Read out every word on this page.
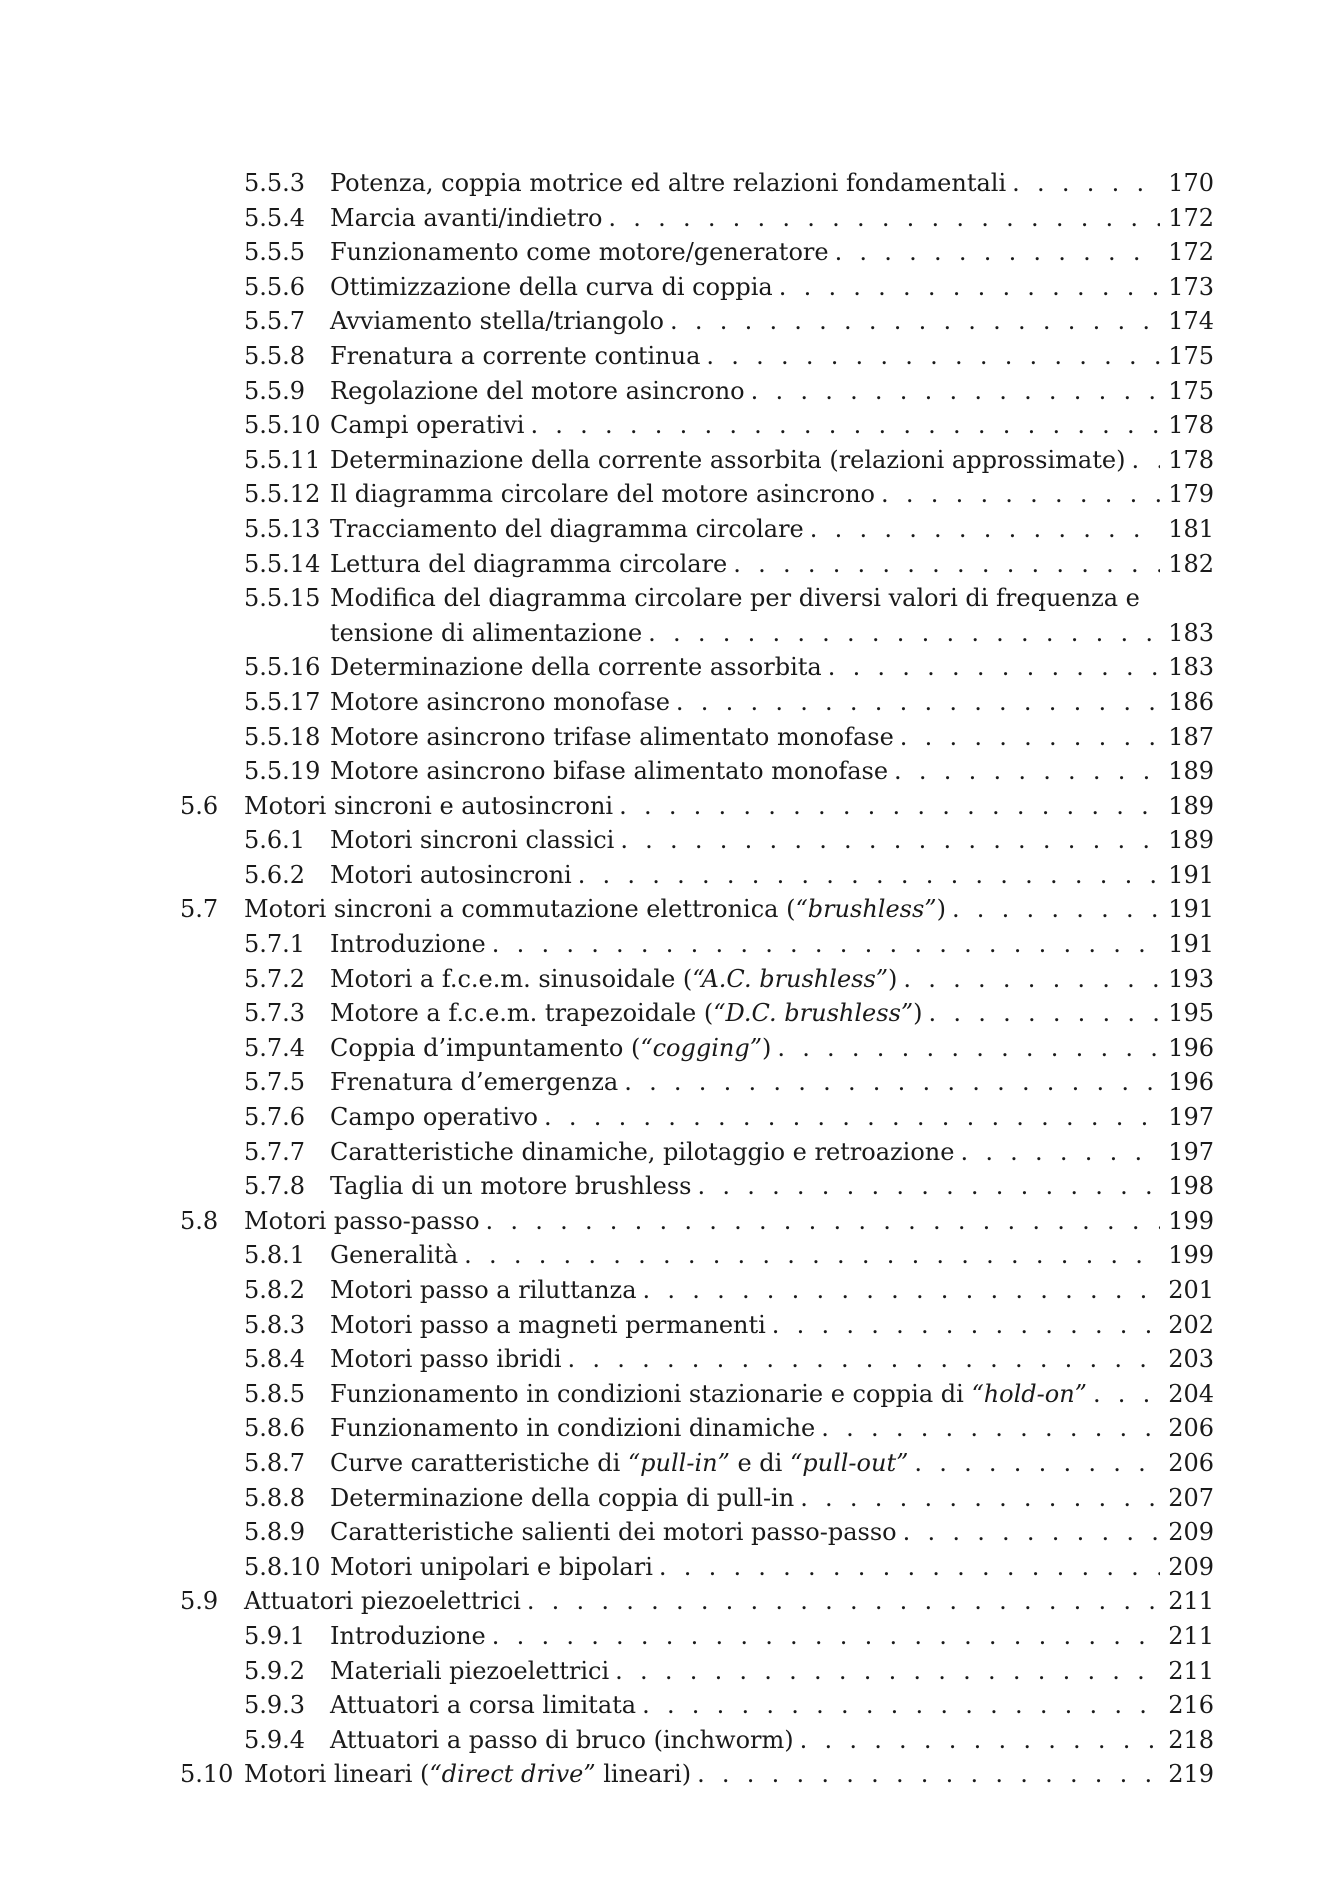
5.5.3 Potenza, coppia motrice ed altre relazioni fondamentali . . .	170
5.5.4 Marcia avanti/indietro . . .	172
5.5.5 Funzionamento come motore/generatore . . .	172
5.5.6 Ottimizzazione della curva di coppia . . .	173
5.5.7 Avviamento stella/triangolo . . .	174
5.5.8 Frenatura a corrente continua . . .	175
5.5.9 Regolazione del motore asincrono . . .	175
5.5.10 Campi operativi . . .	178
5.5.11 Determinazione della corrente assorbita (relazioni approssimate) . . . 178
5.5.12 Il diagramma circolare del motore asincrono . . .	179
5.5.13 Tracciamento del diagramma circolare . . .	181
5.5.14 Lettura del diagramma circolare . . .	182
5.5.15 Modifica del diagramma circolare per diversi valori di frequenza e
tensione di alimentazione . . .	183
5.5.16 Determinazione della corrente assorbita . . .	183
5.5.17 Motore asincrono monofase . . .	186
5.5.18 Motore asincrono trifase alimentato monofase . . .	187
5.5.19 Motore asincrono bifase alimentato monofase . . .	189
5.6 Motori sincroni e autosincroni . . .	189
5.6.1 Motori sincroni classici . . .	189
5.6.2 Motori autosincroni . . .	191
5.7 Motori sincroni a commutazione elettronica (“brushless”) . . .	191
5.7.1 Introduzione . . .	191
5.7.2 Motori a f.c.e.m. sinusoidale (“A.C. brushless”) . . .	193
5.7.3 Motore a f.c.e.m. trapezoidale (“D.C. brushless”) . . .	195
5.7.4 Coppia d’impuntamento (“cogging”) . . .	196
5.7.5 Frenatura d’emergenza . . .	196
5.7.6 Campo operativo . . .	197
5.7.7 Caratteristiche dinamiche, pilotaggio e retroazione . . .	197
5.7.8 Taglia di un motore brushless . . .	198
5.8 Motori passo-passo . . .	199
5.8.1 Generalità . . .	199
5.8.2 Motori passo a riluttanza . . .	201
5.8.3 Motori passo a magneti permanenti . . .	202
5.8.4 Motori passo ibridi . . .	203
5.8.5 Funzionamento in condizioni stazionarie e coppia di “hold-on” . . .	204
5.8.6 Funzionamento in condizioni dinamiche . . .	206
5.8.7 Curve caratteristiche di “pull-in” e di “pull-out” . . .	206
5.8.8 Determinazione della coppia di pull-in . . .	207
5.8.9 Caratteristiche salienti dei motori passo-passo . . .	209
5.8.10 Motori unipolari e bipolari . . .	209
5.9 Attuatori piezoelettrici . . .	211
5.9.1 Introduzione . . .	211
5.9.2 Materiali piezoelettrici . . .	211
5.9.3 Attuatori a corsa limitata . . .	216
5.9.4 Attuatori a passo di bruco (inchworm) . . .	218
5.10 Motori lineari (“direct drive” lineari) . . .	219
